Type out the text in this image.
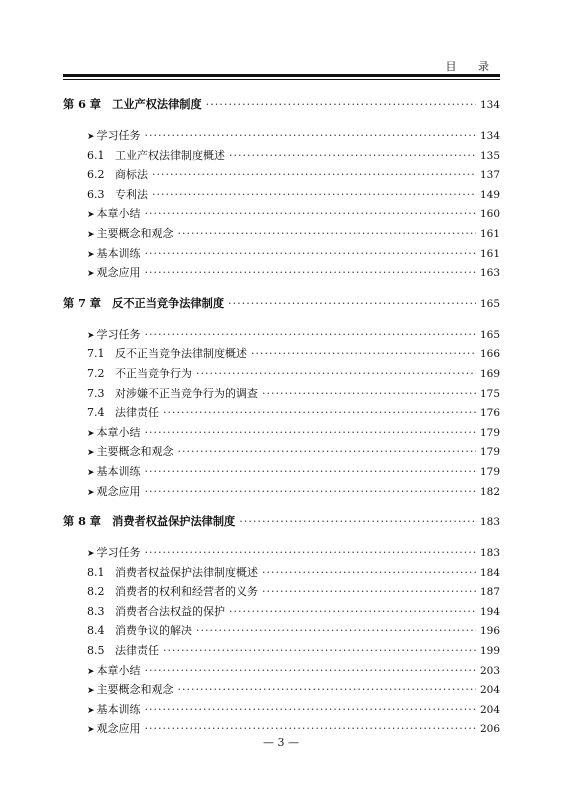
目 录
第 6 章　工业产权法律制度 ·····	134
➤ 学习任务 ·····	134
6.1 工业产权法律制度概述 ·····	135
6.2 商标法 ·····	137
6.3 专利法 ·····	149
➤ 本章小结 ·····	160
➤ 主要概念和观念 ·····	161
➤ 基本训练 ·····	161
➤ 观念应用 ·····	163
第 7 章　反不正当竞争法律制度 ·····	165
➤ 学习任务 ·····	165
7.1 反不正当竞争法律制度概述 ·····	166
7.2 不正当竞争行为 ·····	169
7.3 对涉嫌不正当竞争行为的调查 ·····	175
7.4 法律责任 ·····	176
➤ 本章小结 ·····	179
➤ 主要概念和观念 ·····	179
➤ 基本训练 ·····	179
➤ 观念应用 ·····	182
第 8 章　消费者权益保护法律制度 ·····	183
➤ 学习任务 ·····	183
8.1 消费者权益保护法律制度概述 ·····	184
8.2 消费者的权利和经营者的义务 ·····	187
8.3 消费者合法权益的保护 ·····	194
8.4 消费争议的解决 ·····	196
8.5 法律责任 ·····	199
➤ 本章小结 ·····	203
➤ 主要概念和观念 ·····	204
➤ 基本训练 ·····	204
➤ 观念应用 ·····	206
— 3 —
